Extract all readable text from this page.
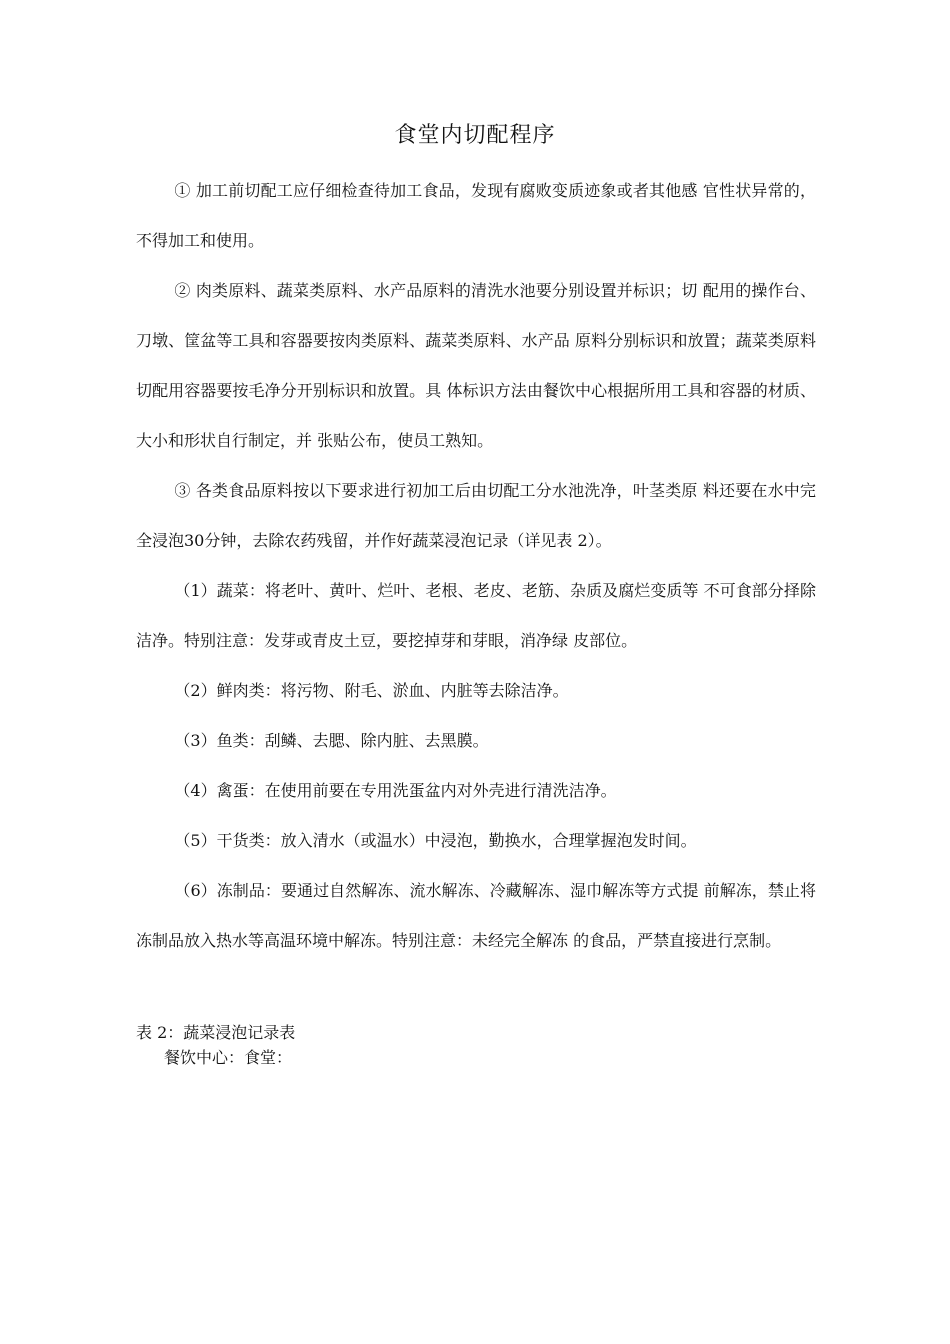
食堂内切配程序

① 加工前切配工应仔细检查待加工食品，发现有腐败变质迹象或者其他感 官性状异常的，不得加工和使用。

② 肉类原料、蔬菜类原料、水产品原料的清洗水池要分别设置并标识；切 配用的操作台、刀墩、筐盆等工具和容器要按肉类原料、蔬菜类原料、水产品 原料分别标识和放置；蔬菜类原料切配用容器要按毛净分开别标识和放置。具 体标识方法由餐饮中心根据所用工具和容器的材质、大小和形状自行制定，并 张贴公布，使员工熟知。

③ 各类食品原料按以下要求进行初加工后由切配工分水池洗净，叶茎类原 料还要在水中完全浸泡30分钟，去除农药残留，并作好蔬菜浸泡记录（详见表 2）。

（1）蔬菜：将老叶、黄叶、烂叶、老根、老皮、老筋、杂质及腐烂变质等 不可食部分择除洁净。特别注意：发芽或青皮土豆，要挖掉芽和芽眼，消净绿 皮部位。

（2）鲜肉类：将污物、附毛、淤血、内脏等去除洁净。

（3）鱼类：刮鳞、去腮、除内脏、去黑膜。

（4）禽蛋：在使用前要在专用洗蛋盆内对外壳进行清洗洁净。

（5）干货类：放入清水（或温水）中浸泡，勤换水，合理掌握泡发时间。

（6）冻制品：要通过自然解冻、流水解冻、冷藏解冻、湿巾解冻等方式提 前解冻，禁止将冻制品放入热水等高温环境中解冻。特别注意：未经完全解冻 的食品，严禁直接进行烹制。

表 2：蔬菜浸泡记录表
餐饮中心：食堂：
